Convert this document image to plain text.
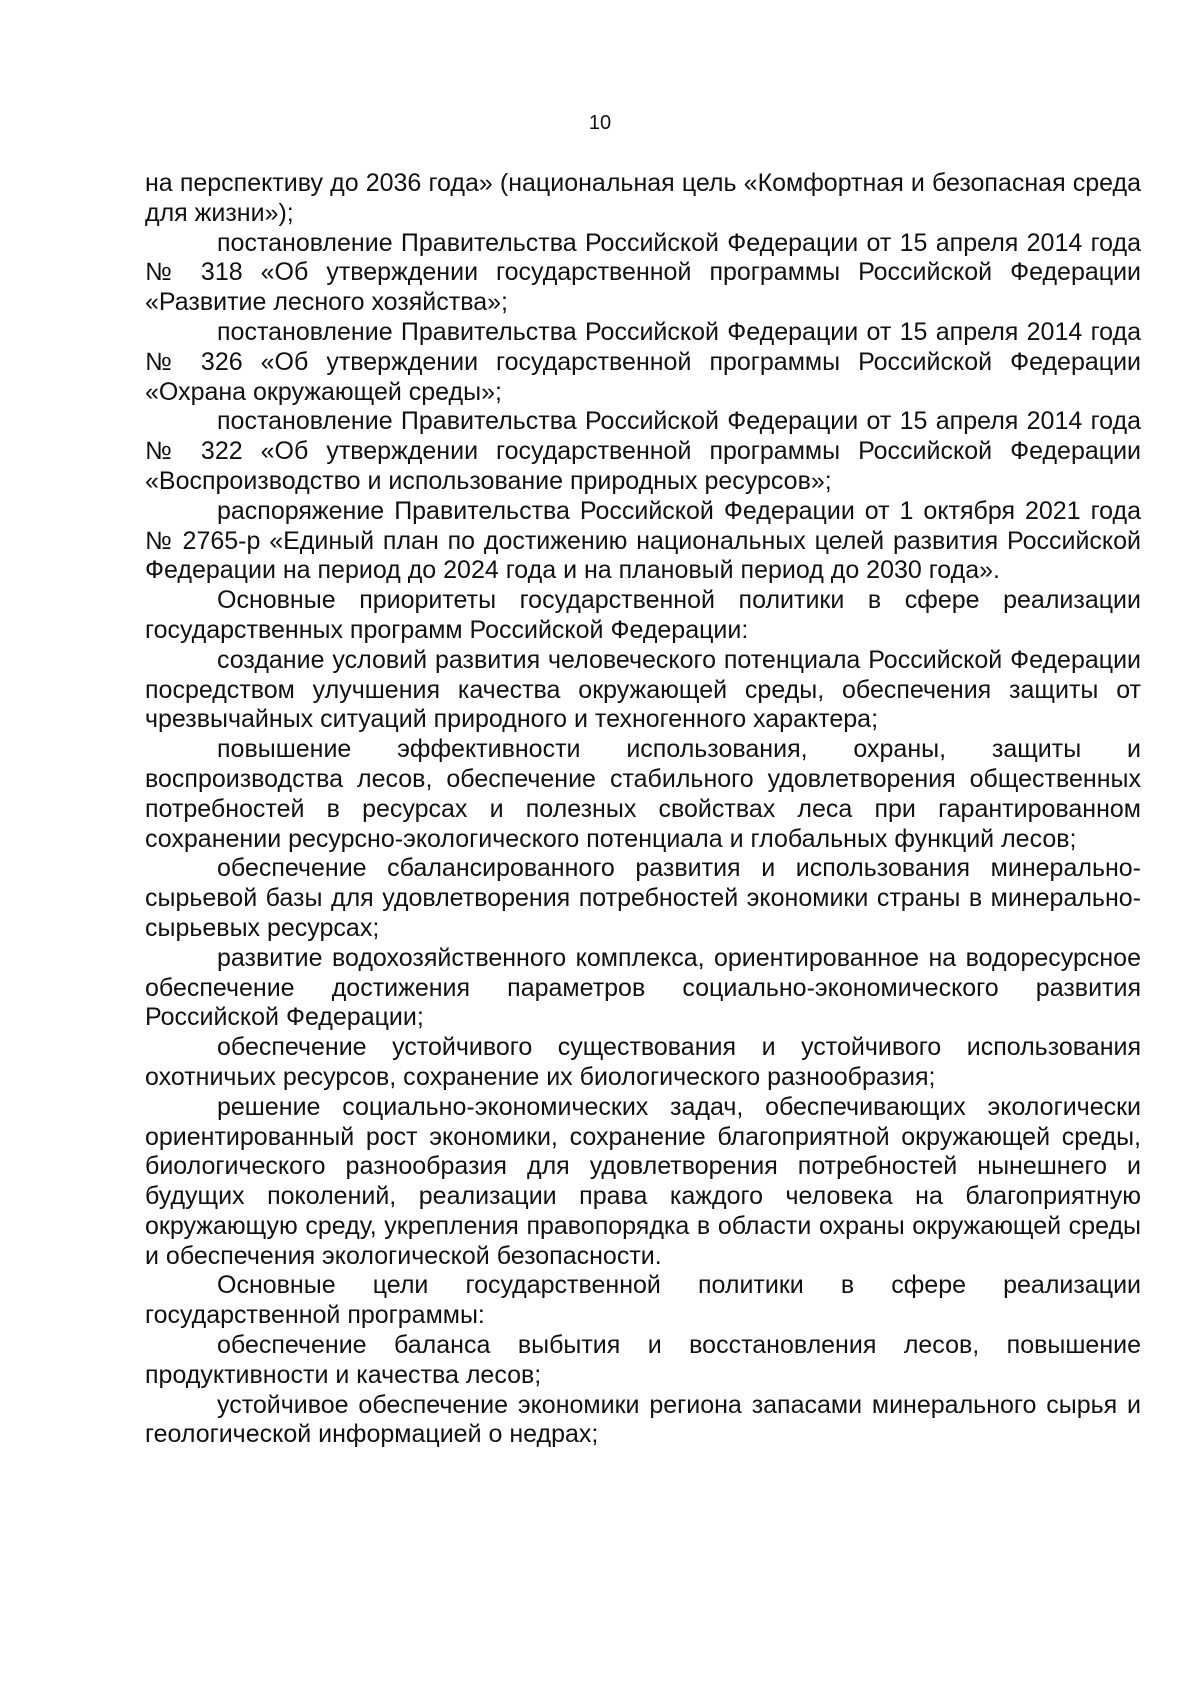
10

на перспективу до 2036 года» (национальная цель «Комфортная и безопасная среда для жизни»);

постановление Правительства Российской Федерации от 15 апреля 2014 года № 318 «Об утверждении государственной программы Российской Федерации «Развитие лесного хозяйства»;

постановление Правительства Российской Федерации от 15 апреля 2014 года № 326 «Об утверждении государственной программы Российской Федерации «Охрана окружающей среды»;

постановление Правительства Российской Федерации от 15 апреля 2014 года № 322 «Об утверждении государственной программы Российской Федерации «Воспроизводство и использование природных ресурсов»;

распоряжение Правительства Российской Федерации от 1 октября 2021 года № 2765-р «Единый план по достижению национальных целей развития Российской Федерации на период до 2024 года и на плановый период до 2030 года».

Основные приоритеты государственной политики в сфере реализации государственных программ Российской Федерации:

создание условий развития человеческого потенциала Российской Федерации посредством улучшения качества окружающей среды, обеспечения защиты от чрезвычайных ситуаций природного и техногенного характера;

повышение эффективности использования, охраны, защиты и воспроизводства лесов, обеспечение стабильного удовлетворения общественных потребностей в ресурсах и полезных свойствах леса при гарантированном сохранении ресурсно-экологического потенциала и глобальных функций лесов;

обеспечение сбалансированного развития и использования минерально-сырьевой базы для удовлетворения потребностей экономики страны в минерально-сырьевых ресурсах;

развитие водохозяйственного комплекса, ориентированное на водоресурсное обеспечение достижения параметров социально-экономического развития Российской Федерации;

обеспечение устойчивого существования и устойчивого использования охотничьих ресурсов, сохранение их биологического разнообразия;

решение социально-экономических задач, обеспечивающих экологически ориентированный рост экономики, сохранение благоприятной окружающей среды, биологического разнообразия для удовлетворения потребностей нынешнего и будущих поколений, реализации права каждого человека на благоприятную окружающую среду, укрепления правопорядка в области охраны окружающей среды и обеспечения экологической безопасности.

Основные цели государственной политики в сфере реализации государственной программы:

обеспечение баланса выбытия и восстановления лесов, повышение продуктивности и качества лесов;

устойчивое обеспечение экономики региона запасами минерального сырья и геологической информацией о недрах;
